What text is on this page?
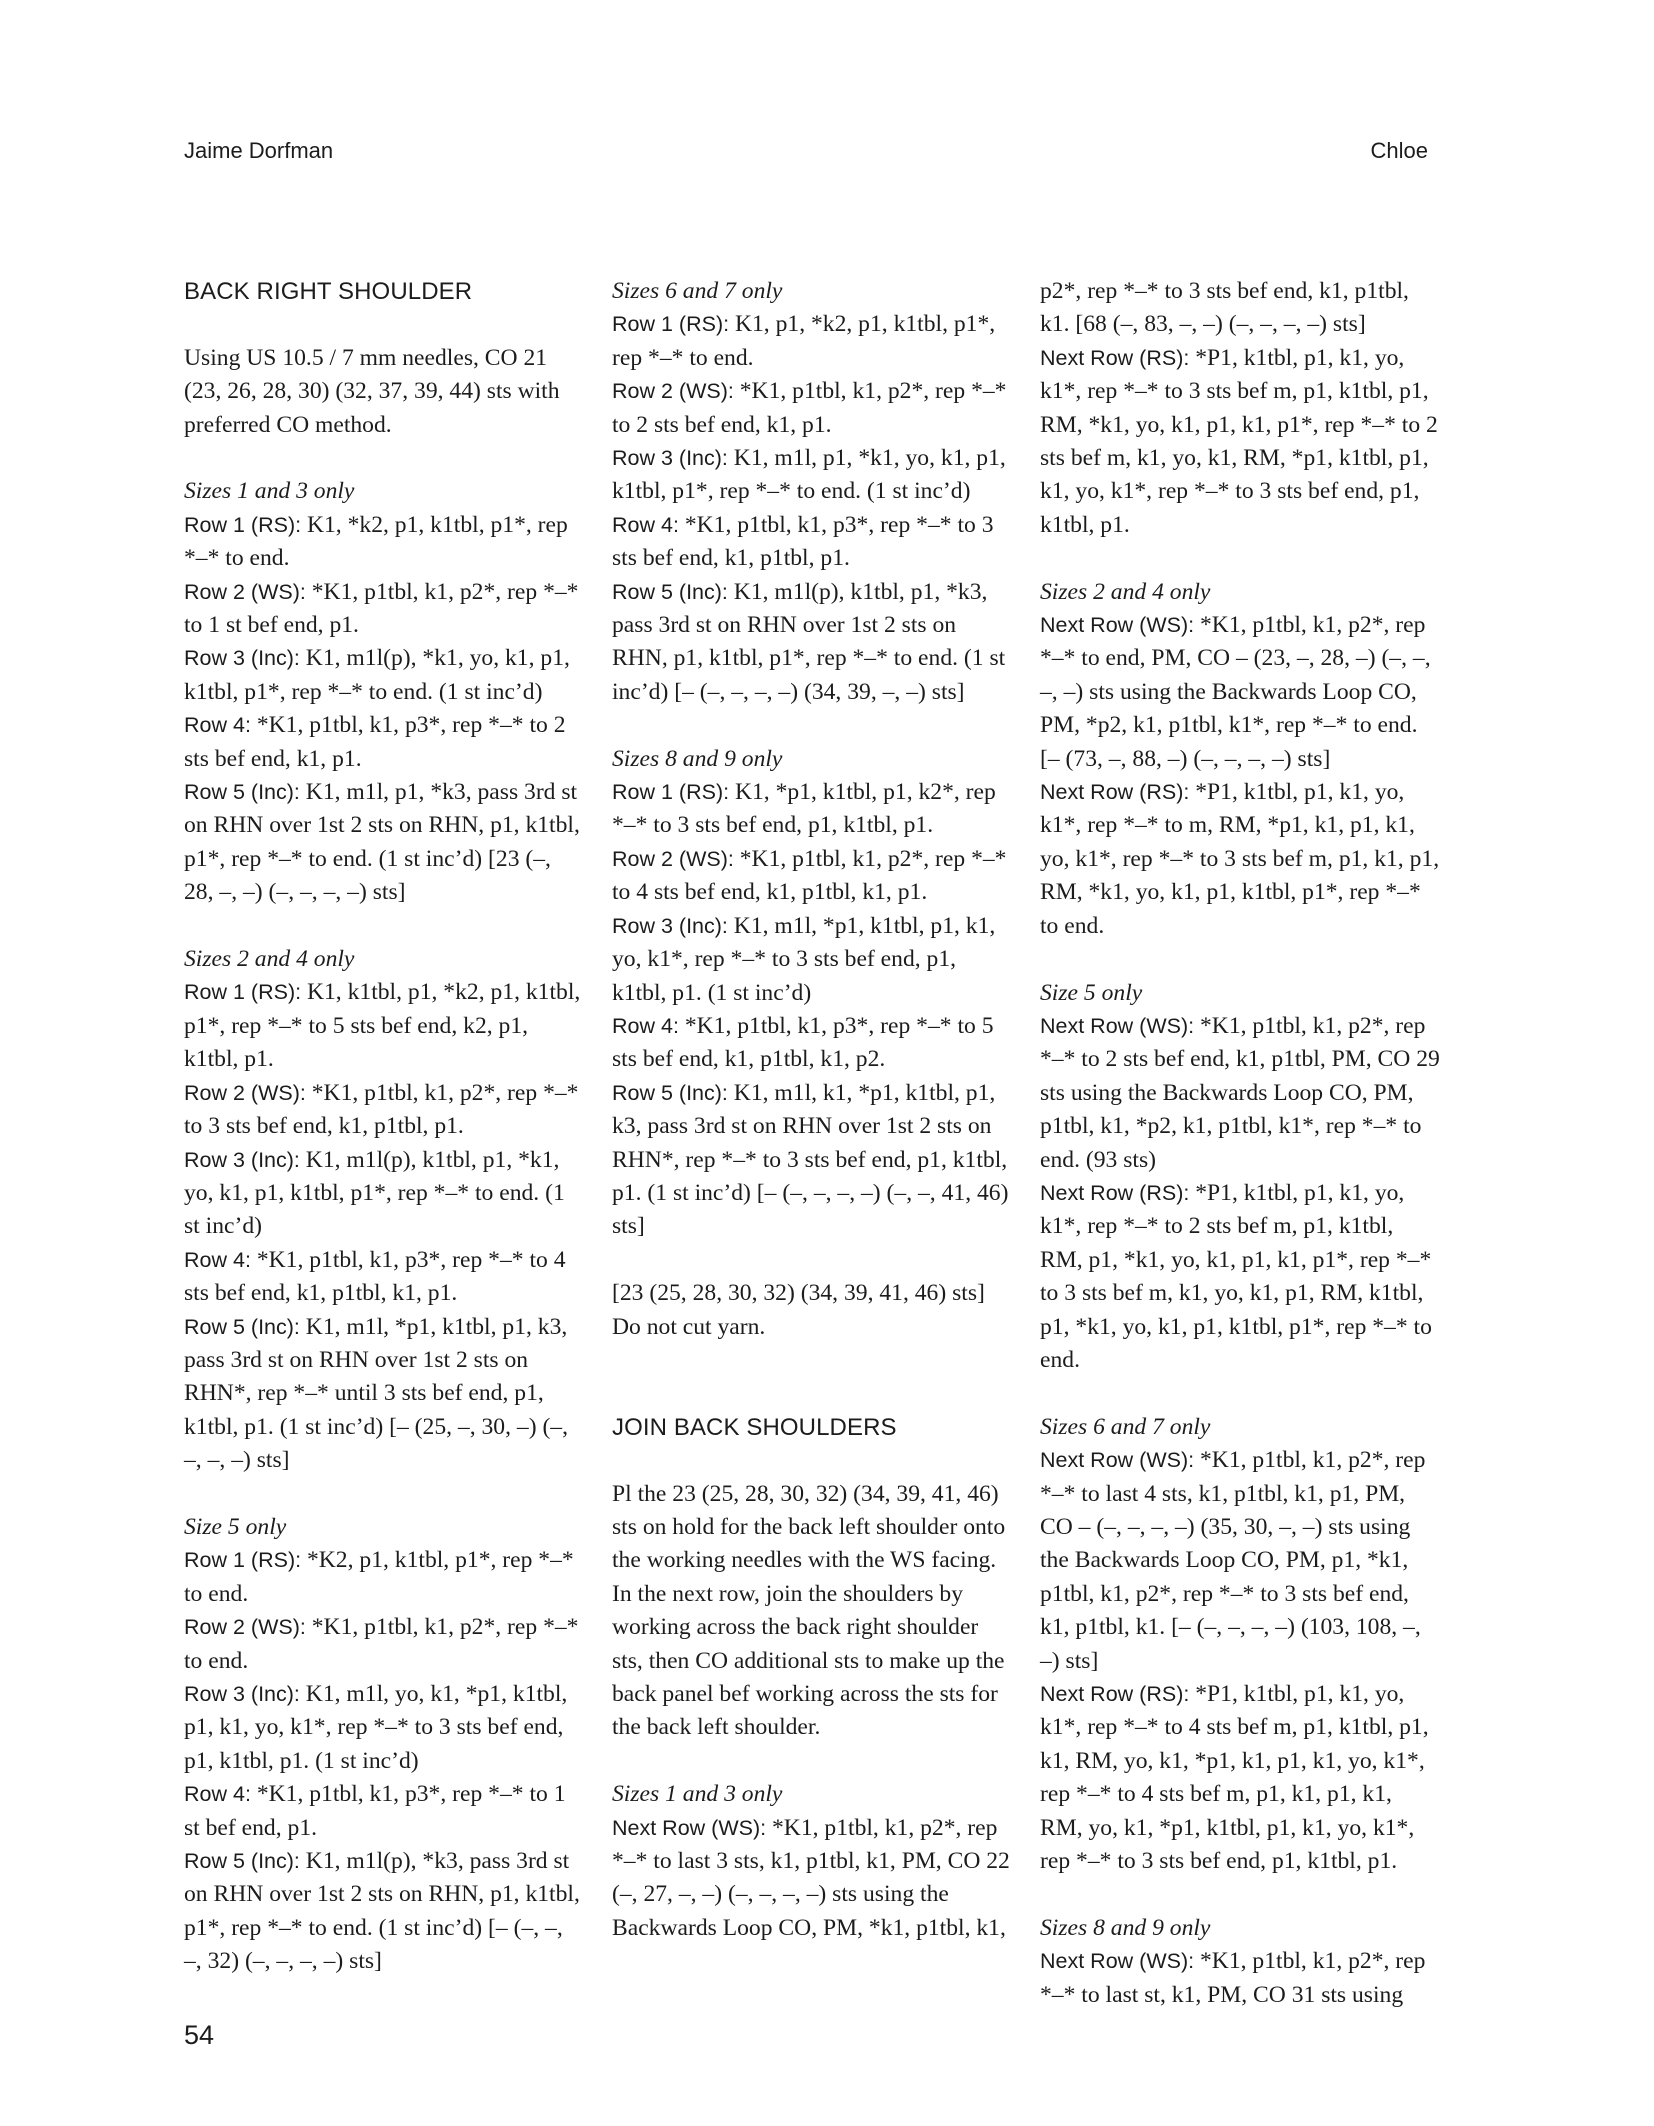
Jaime Dorfman	Chloe

BACK RIGHT SHOULDER

Using US 10.5 / 7 mm needles, CO 21 (23, 26, 28, 30) (32, 37, 39, 44) sts with preferred CO method.

Sizes 1 and 3 only

Row 1 (RS): K1, *k2, p1, k1tbl, p1*, rep *–* to end.

Row 2 (WS): *K1, p1tbl, k1, p2*, rep *–* to 1 st bef end, p1.

Row 3 (Inc): K1, m1l(p), *k1, yo, k1, p1, k1tbl, p1*, rep *–* to end. (1 st inc’d)

Row 4: *K1, p1tbl, k1, p3*, rep *–* to 2 sts bef end, k1, p1.

Row 5 (Inc): K1, m1l, p1, *k3, pass 3rd st on RHN over 1st 2 sts on RHN, p1, k1tbl, p1*, rep *–* to end. (1 st inc’d) [23 (–, 28, –, –) (–, –, –, –) sts]

Sizes 2 and 4 only

Row 1 (RS): K1, k1tbl, p1, *k2, p1, k1tbl, p1*, rep *–* to 5 sts bef end, k2, p1, k1tbl, p1.

Row 2 (WS): *K1, p1tbl, k1, p2*, rep *–* to 3 sts bef end, k1, p1tbl, p1.

Row 3 (Inc): K1, m1l(p), k1tbl, p1, *k1, yo, k1, p1, k1tbl, p1*, rep *–* to end. (1 st inc’d)

Row 4: *K1, p1tbl, k1, p3*, rep *–* to 4 sts bef end, k1, p1tbl, k1, p1.

Row 5 (Inc): K1, m1l, *p1, k1tbl, p1, k3, pass 3rd st on RHN over 1st 2 sts on RHN*, rep *–* until 3 sts bef end, p1, k1tbl, p1. (1 st inc’d) [– (25, –, 30, –) (–, –, –, –) sts]

Size 5 only

Row 1 (RS): *K2, p1, k1tbl, p1*, rep *–* to end.

Row 2 (WS): *K1, p1tbl, k1, p2*, rep *–* to end.

Row 3 (Inc): K1, m1l, yo, k1, *p1, k1tbl, p1, k1, yo, k1*, rep *–* to 3 sts bef end, p1, k1tbl, p1. (1 st inc’d)

Row 4: *K1, p1tbl, k1, p3*, rep *–* to 1 st bef end, p1.

Row 5 (Inc): K1, m1l(p), *k3, pass 3rd st on RHN over 1st 2 sts on RHN, p1, k1tbl, p1*, rep *–* to end. (1 st inc’d) [– (–, –, –, 32) (–, –, –, –) sts]

Sizes 6 and 7 only

Row 1 (RS): K1, p1, *k2, p1, k1tbl, p1*, rep *–* to end.

Row 2 (WS): *K1, p1tbl, k1, p2*, rep *–* to 2 sts bef end, k1, p1.

Row 3 (Inc): K1, m1l, p1, *k1, yo, k1, p1, k1tbl, p1*, rep *–* to end. (1 st inc’d)

Row 4: *K1, p1tbl, k1, p3*, rep *–* to 3 sts bef end, k1, p1tbl, p1.

Row 5 (Inc): K1, m1l(p), k1tbl, p1, *k3, pass 3rd st on RHN over 1st 2 sts on RHN, p1, k1tbl, p1*, rep *–* to end. (1 st inc’d) [– (–, –, –, –) (34, 39, –, –) sts]

Sizes 8 and 9 only

Row 1 (RS): K1, *p1, k1tbl, p1, k2*, rep *–* to 3 sts bef end, p1, k1tbl, p1.

Row 2 (WS): *K1, p1tbl, k1, p2*, rep *–* to 4 sts bef end, k1, p1tbl, k1, p1.

Row 3 (Inc): K1, m1l, *p1, k1tbl, p1, k1, yo, k1*, rep *–* to 3 sts bef end, p1, k1tbl, p1. (1 st inc’d)

Row 4: *K1, p1tbl, k1, p3*, rep *–* to 5 sts bef end, k1, p1tbl, k1, p2.

Row 5 (Inc): K1, m1l, k1, *p1, k1tbl, p1, k3, pass 3rd st on RHN over 1st 2 sts on RHN*, rep *–* to 3 sts bef end, p1, k1tbl, p1. (1 st inc’d) [– (–, –, –, –) (–, –, 41, 46) sts]

[23 (25, 28, 30, 32) (34, 39, 41, 46) sts] Do not cut yarn.

JOIN BACK SHOULDERS

Pl the 23 (25, 28, 30, 32) (34, 39, 41, 46) sts on hold for the back left shoulder onto the working needles with the WS facing. In the next row, join the shoulders by working across the back right shoulder sts, then CO additional sts to make up the back panel bef working across the sts for the back left shoulder.

Sizes 1 and 3 only

Next Row (WS): *K1, p1tbl, k1, p2*, rep *–* to last 3 sts, k1, p1tbl, k1, PM, CO 22 (–, 27, –, –) (–, –, –, –) sts using the Backwards Loop CO, PM, *k1, p1tbl, k1,

p2*, rep *–* to 3 sts bef end, k1, p1tbl, k1. [68 (–, 83, –, –) (–, –, –, –) sts]

Next Row (RS): *P1, k1tbl, p1, k1, yo, k1*, rep *–* to 3 sts bef m, p1, k1tbl, p1, RM, *k1, yo, k1, p1, k1, p1*, rep *–* to 2 sts bef m, k1, yo, k1, RM, *p1, k1tbl, p1, k1, yo, k1*, rep *–* to 3 sts bef end, p1, k1tbl, p1.

Sizes 2 and 4 only

Next Row (WS): *K1, p1tbl, k1, p2*, rep *–* to end, PM, CO – (23, –, 28, –) (–, –, –, –) sts using the Backwards Loop CO, PM, *p2, k1, p1tbl, k1*, rep *–* to end. [– (73, –, 88, –) (–, –, –, –) sts]

Next Row (RS): *P1, k1tbl, p1, k1, yo, k1*, rep *–* to m, RM, *p1, k1, p1, k1, yo, k1*, rep *–* to 3 sts bef m, p1, k1, p1, RM, *k1, yo, k1, p1, k1tbl, p1*, rep *–* to end.

Size 5 only

Next Row (WS): *K1, p1tbl, k1, p2*, rep *–* to 2 sts bef end, k1, p1tbl, PM, CO 29 sts using the Backwards Loop CO, PM, p1tbl, k1, *p2, k1, p1tbl, k1*, rep *–* to end. (93 sts)

Next Row (RS): *P1, k1tbl, p1, k1, yo, k1*, rep *–* to 2 sts bef m, p1, k1tbl, RM, p1, *k1, yo, k1, p1, k1, p1*, rep *–* to 3 sts bef m, k1, yo, k1, p1, RM, k1tbl, p1, *k1, yo, k1, p1, k1tbl, p1*, rep *–* to end.

Sizes 6 and 7 only

Next Row (WS): *K1, p1tbl, k1, p2*, rep *–* to last 4 sts, k1, p1tbl, k1, p1, PM, CO – (–, –, –, –) (35, 30, –, –) sts using the Backwards Loop CO, PM, p1, *k1, p1tbl, k1, p2*, rep *–* to 3 sts bef end, k1, p1tbl, k1. [– (–, –, –, –) (103, 108, –, –) sts]

Next Row (RS): *P1, k1tbl, p1, k1, yo, k1*, rep *–* to 4 sts bef m, p1, k1tbl, p1, k1, RM, yo, k1, *p1, k1, p1, k1, yo, k1*, rep *–* to 4 sts bef m, p1, k1, p1, k1, RM, yo, k1, *p1, k1tbl, p1, k1, yo, k1*, rep *–* to 3 sts bef end, p1, k1tbl, p1.

Sizes 8 and 9 only

Next Row (WS): *K1, p1tbl, k1, p2*, rep *–* to last st, k1, PM, CO 31 sts using

54
